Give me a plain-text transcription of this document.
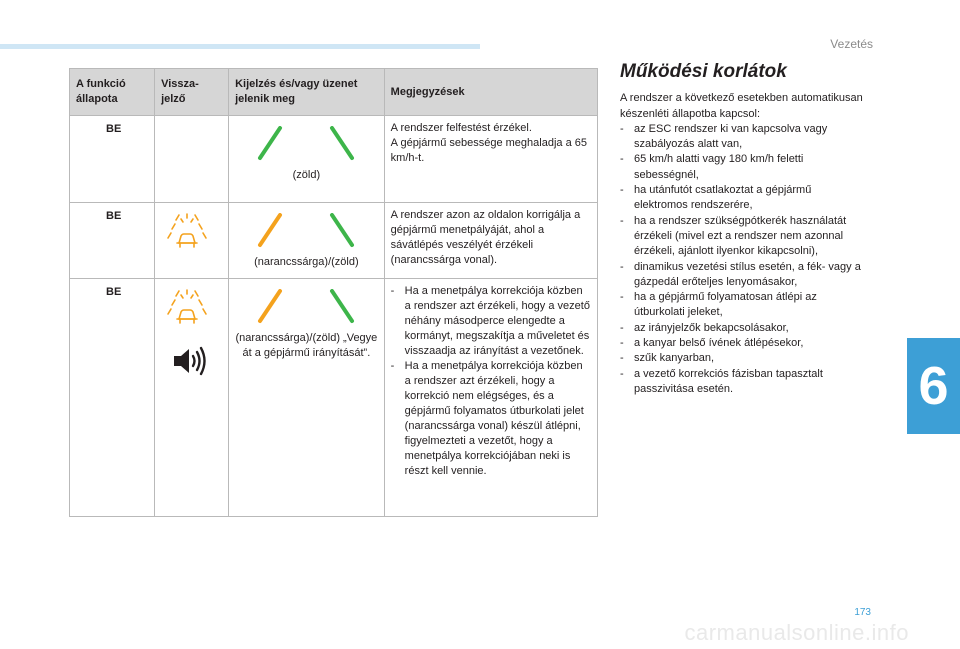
Vezetés
6
A funkció állapota	Vissza-jelző	Kijelzés és/vagy üzenet jelenik meg	Megjegyzések
BE		(zöld)	A rendszer felfestést érzékel.
A gépjármű sebessége meghaladja a 65 km/h-t.

BE		(narancssárga)/(zöld)	A rendszer azon az oldalon korrigálja a gépjármű menetpályáját, ahol a sávátlépés veszélyét érzékeli (narancssárga vonal).

BE		(narancssárga)/(zöld) „Vegye át a gépjármű irányítását”.	- Ha a menetpálya korrekciója közben a rendszer azt érzékeli, hogy a vezető néhány másodperce elengedte a kormányt, megszakítja a műveletet és visszaadja az irányítást a vezetőnek.
- Ha a menetpálya korrekciója közben a rendszer azt érzékeli, hogy a korrekció nem elégséges, és a gépjármű folyamatos útburkolati jelet (narancssárga vonal) készül átlépni, figyelmezteti a vezetőt, hogy a menetpálya korrekciójában neki is részt kell vennie.
Működési korlátok

A rendszer a következő esetekben automatikusan készenléti állapotba kapcsol:

- az ESC rendszer ki van kapcsolva vagy szabályozás alatt van,
- 65 km/h alatti vagy 180 km/h feletti sebességnél,
- ha utánfutót csatlakoztat a gépjármű elektromos rendszerére,
- ha a rendszer szükségpótkerék használatát érzékeli (mivel ezt a rendszer nem azonnal érzékeli, ajánlott ilyenkor kikapcsolni),
- dinamikus vezetési stílus esetén, a fék- vagy a gázpedál erőteljes lenyomásakor,
- ha a gépjármű folyamatosan átlépi az útburkolati jeleket,
- az irányjelzők bekapcsolásakor,
- a kanyar belső ívének átlépésekor,
- szűk kanyarban,
- a vezető korrekciós fázisban tapasztalt passzivitása esetén.
173
carmanualsonline.info
